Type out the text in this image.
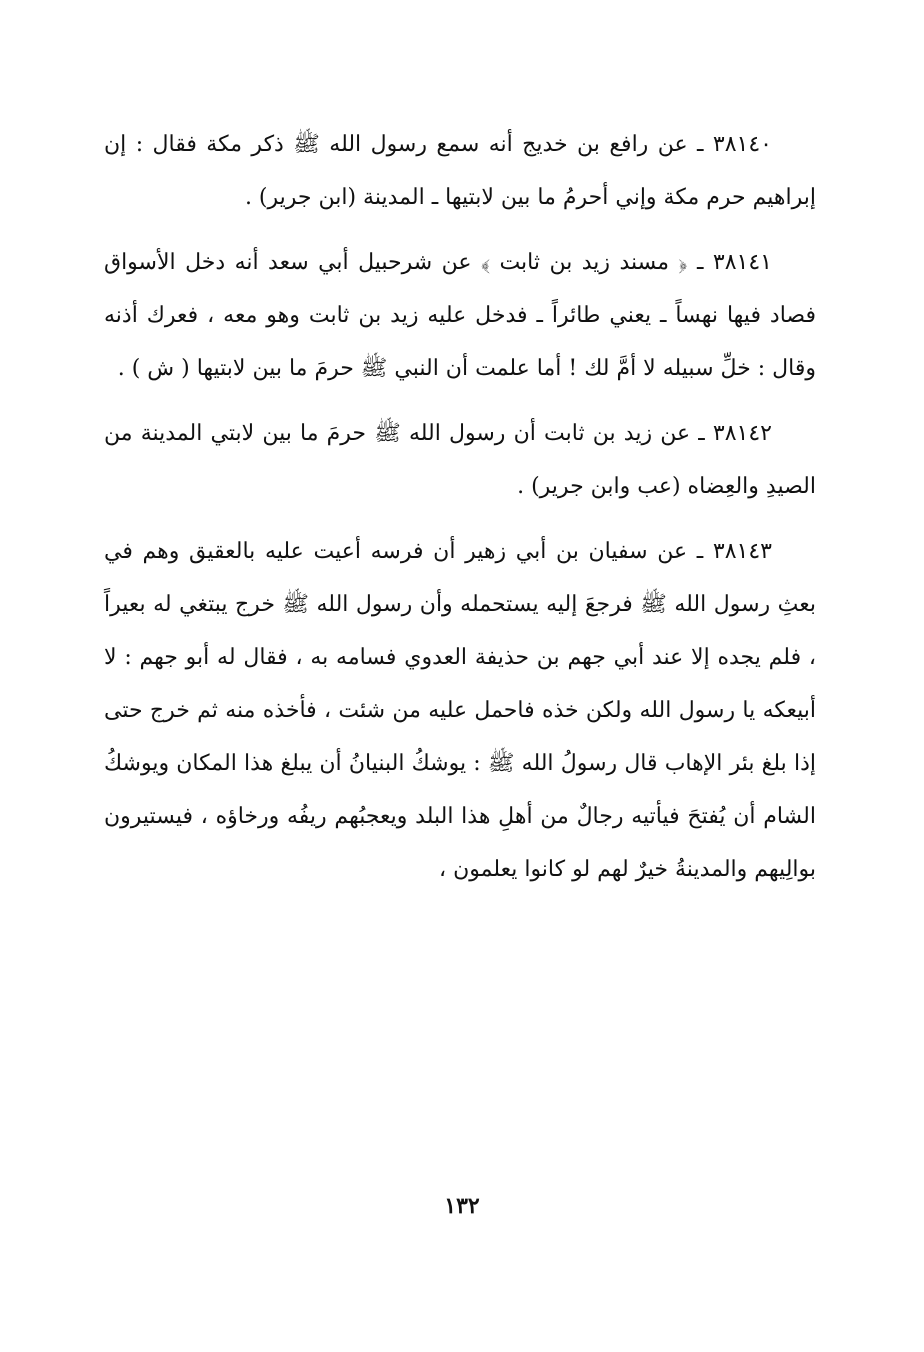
٣٨١٤٠ ـ عن رافع بن خديج أنه سمع رسول الله ﷺ ذكر مكة فقال : إن إبراهيم حرم مكة وإني أحرمُ ما بين لابتيها ـ المدينة (ابن جرير) .

٣٨١٤١ ـ ﴿ مسند زيد بن ثابت ﴾ عن شرحبيل أبي سعد أنه دخل الأسواق فصاد فيها نهساً ـ يعني طائراً ـ فدخل عليه زيد بن ثابت وهو معه ، فعرك أذنه وقال : خلِّ سبيله لا أمَّ لك ! أما علمت أن النبي ﷺ حرمَ ما بين لابتيها ( ش ) .

٣٨١٤٢ ـ عن زيد بن ثابت أن رسول الله ﷺ حرمَ ما بين لابتي المدينة من الصيدِ والعِضاه (عب وابن جرير) .

٣٨١٤٣ ـ عن سفيان بن أبي زهير أن فرسه أعيت عليه بالعقيق وهم في بعثِ رسول الله ﷺ فرجعَ إليه يستحمله وأن رسول الله ﷺ خرج يبتغي له بعيراً ، فلم يجده إلا عند أبي جهم بن حذيفة العدوي فسامه به ، فقال له أبو جهم : لا أبيعكه يا رسول الله ولكن خذه فاحمل عليه من شئت ، فأخذه منه ثم خرج حتى إذا بلغ بئر الإهاب قال رسولُ الله ﷺ : يوشكُ البنيانُ أن يبلغ هذا المكان ويوشكُ الشام أن يُفتحَ فيأتيه رجالٌ من أهلِ هذا البلد ويعجبُهم ريفُه ورخاؤه ، فيستيرون بوالِيهم والمدينةُ خيرٌ لهم لو كانوا يعلمون ،

١٣٢
